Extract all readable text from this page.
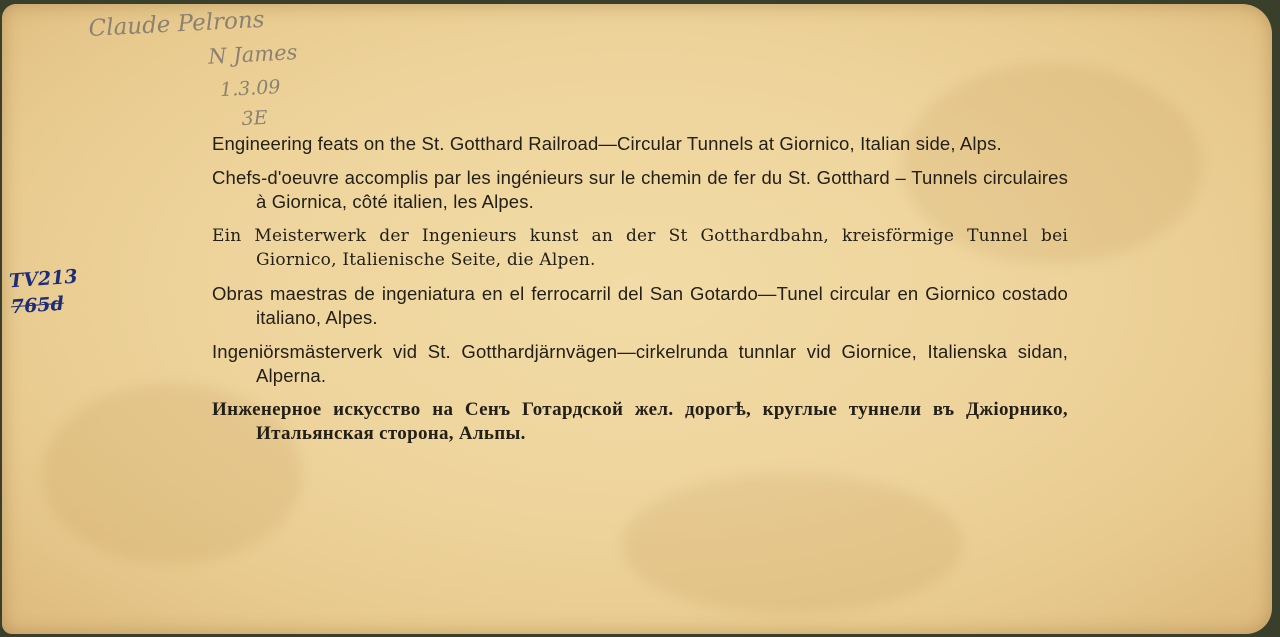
Claude Pelrons
N James
1.3.09
3E
TV213
765d

Engineering feats on the St. Gotthard Railroad—Circular Tunnels at Giornico, Italian side, Alps.

Chefs-d'oeuvre accomplis par les ingénieurs sur le chemin de fer du St. Gotthard – Tunnels circulaires à Giornica, côté italien, les Alpes.

Ein Meisterwerk der Ingenieurs kunst an der St Gotthardbahn, kreisförmige Tunnel bei Giornico, Italienische Seite, die Alpen.

Obras maestras de ingeniatura en el ferrocarril del San Gotardo—Tunel circular en Giornico costado italiano, Alpes.

Ingeniörsmästerverk vid St. Gotthardjärnvägen—cirkelrunda tunnlar vid Giornice, Italienska sidan, Alperna.

Инженерное искусство на Сенъ Готардской жел. дорогѣ, круглые туннели въ Джіорнико, Итальянская сторона, Альпы.
